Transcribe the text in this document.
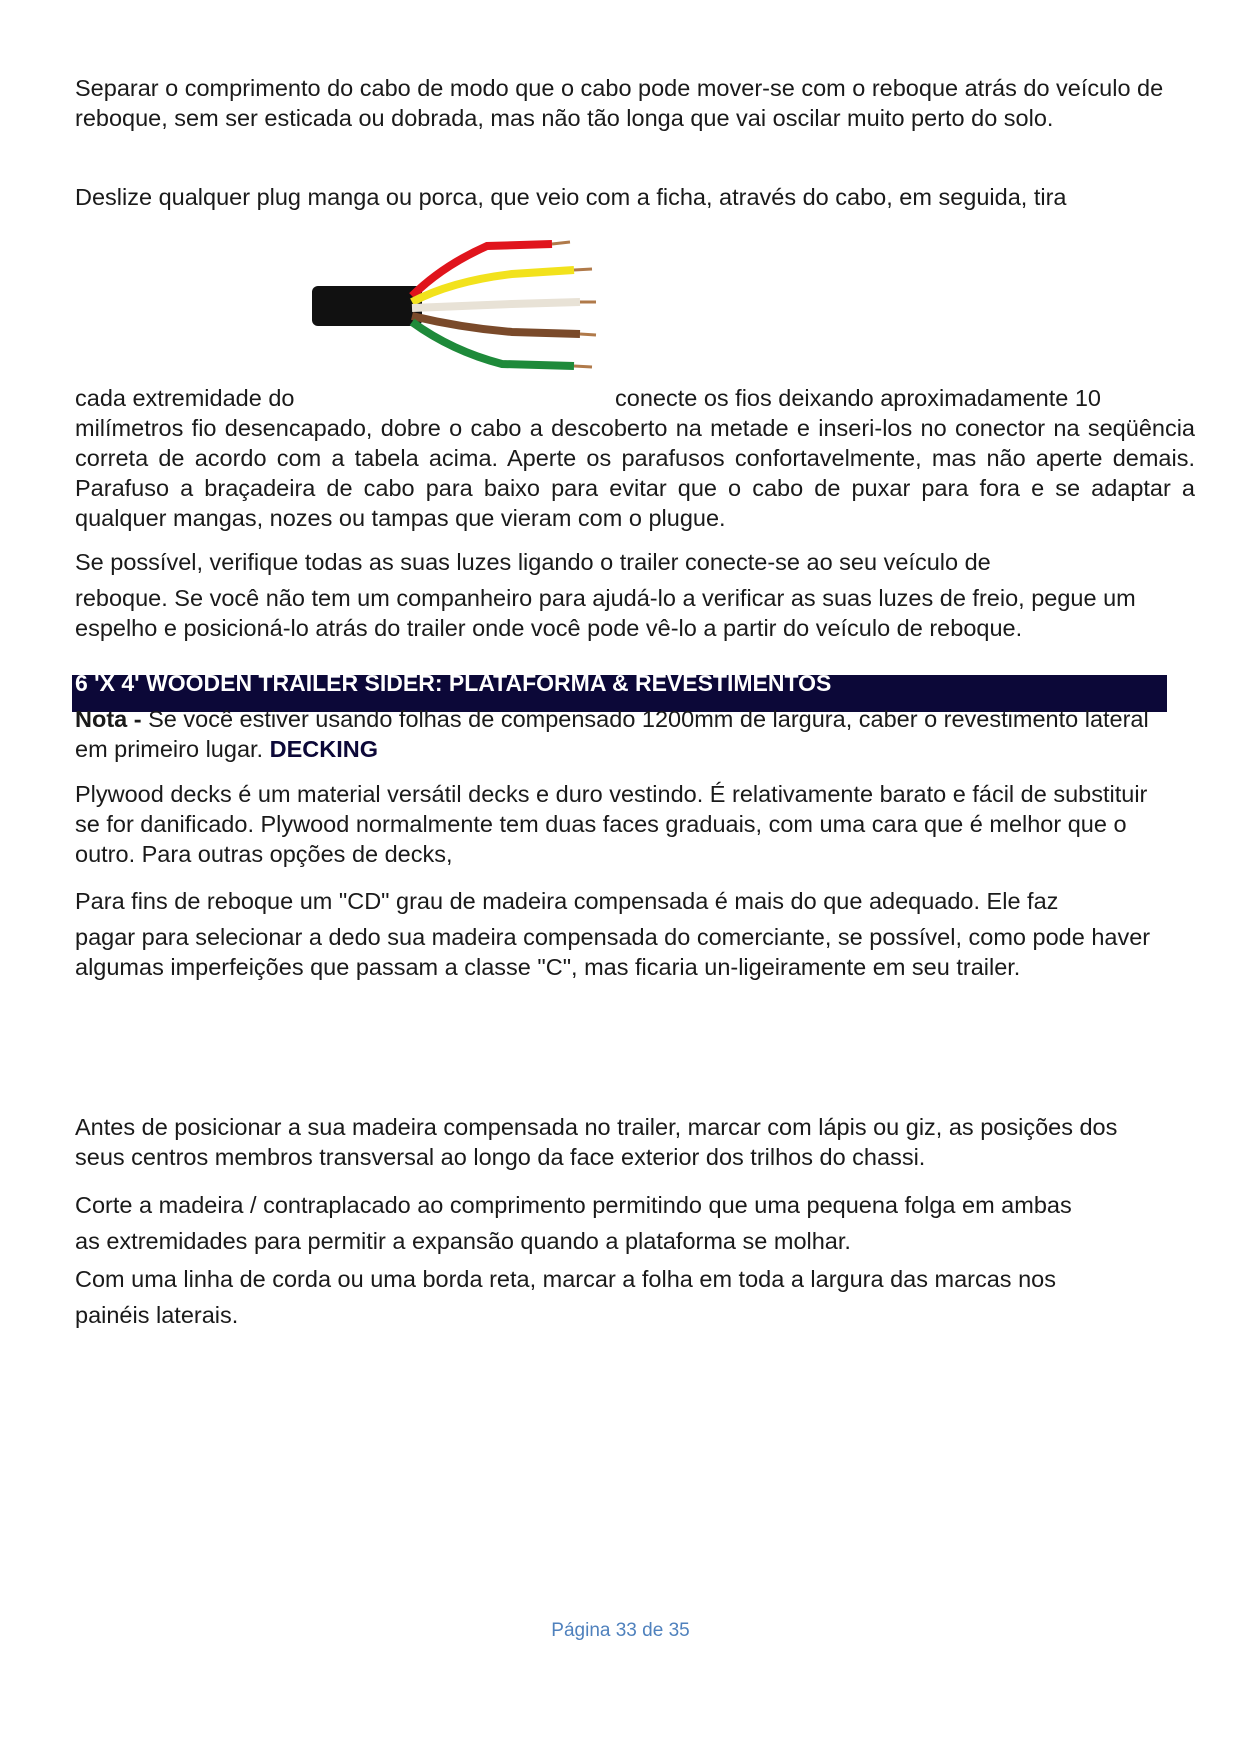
Separar o comprimento do cabo de modo que o cabo pode mover-se com o reboque atrás do veículo de reboque, sem ser esticada ou dobrada, mas não tão longa que vai oscilar muito perto do solo.

Deslize qualquer plug manga ou porca, que veio com a ficha, através do cabo, em seguida, tira
cada extremidade do	conecte os fios deixando aproximadamente 10

milímetros fio desencapado, dobre o cabo a descoberto na metade e inseri-los no conector na seqüência correta de acordo com a tabela acima. Aperte os parafusos confortavelmente, mas não aperte demais. Parafuso a braçadeira de cabo para baixo para evitar que o cabo de puxar para fora e se adaptar a qualquer mangas, nozes ou tampas que vieram com o plugue.

Se possível, verifique todas as suas luzes ligando o trailer conecte-se ao seu veículo de

reboque. Se você não tem um companheiro para ajudá-lo a verificar as suas luzes de freio, pegue um espelho e posicioná-lo atrás do trailer onde você pode vê-lo a partir do veículo de reboque.

6 'X 4' WOODEN TRAILER SIDER: PLATAFORMA & REVESTIMENTOS

Nota - Se você estiver usando folhas de compensado 1200mm de largura, caber o revestimento lateral em primeiro lugar. DECKING

Plywood decks é um material versátil decks e duro vestindo. É relativamente barato e fácil de substituir se for danificado. Plywood normalmente tem duas faces graduais, com uma cara que é melhor que o outro. Para outras opções de decks,

Para fins de reboque um "CD" grau de madeira compensada é mais do que adequado. Ele faz

pagar para selecionar a dedo sua madeira compensada do comerciante, se possível, como pode haver algumas imperfeições que passam a classe "C", mas ficaria un-ligeiramente em seu trailer.

Antes de posicionar a sua madeira compensada no trailer, marcar com lápis ou giz, as posições dos seus centros membros transversal ao longo da face exterior dos trilhos do chassi.

Corte a madeira / contraplacado ao comprimento permitindo que uma pequena folga em ambas
as extremidades para permitir a expansão quando a plataforma se molhar.
Com uma linha de corda ou uma borda reta, marcar a folha em toda a largura das marcas nos
painéis laterais.
Página 33 de 35
